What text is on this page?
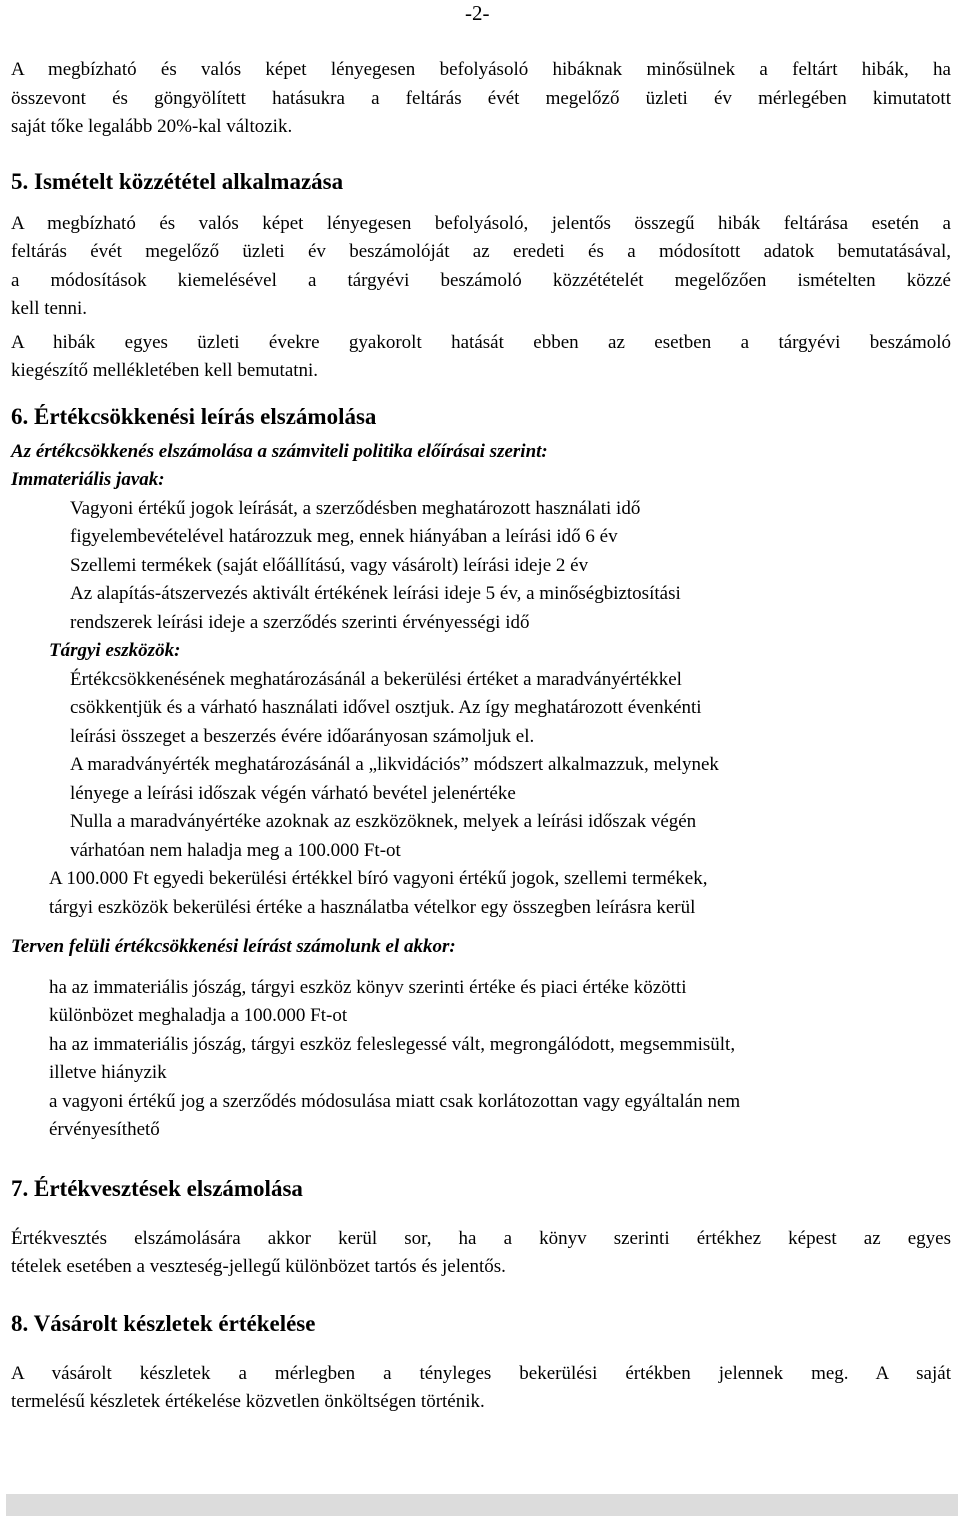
-2-

A megbízható és valós képet lényegesen befolyásoló hibáknak minősülnek a feltárt hibák, ha

összevont és göngyölített hatásukra a feltárás évét megelőző üzleti év mérlegében kimutatott

saját tőke legalább 20%-kal változik.

5. Ismételt közzététel alkalmazása

A megbízható és valós képet lényegesen befolyásoló, jelentős összegű hibák feltárása esetén a

feltárás évét megelőző üzleti év beszámolóját az eredeti és a módosított adatok bemutatásával,

a módosítások kiemelésével a tárgyévi beszámoló közzétételét megelőzően ismételten közzé

kell tenni.

A hibák egyes üzleti évekre gyakorolt hatását ebben az esetben a tárgyévi beszámoló

kiegészítő mellékletében kell bemutatni.

6. Értékcsökkenési leírás elszámolása

Az értékcsökkenés elszámolása a számviteli politika előírásai szerint:

Immateriális javak:

Vagyoni értékű jogok leírását, a szerződésben meghatározott használati idő

figyelembevételével határozzuk meg, ennek hiányában a leírási idő 6 év

Szellemi termékek (saját előállítású, vagy vásárolt) leírási ideje 2 év

Az alapítás-átszervezés aktivált értékének leírási ideje 5 év, a minőségbiztosítási

rendszerek leírási ideje a szerződés szerinti érvényességi idő

Tárgyi eszközök:

Értékcsökkenésének meghatározásánál a bekerülési értéket a maradványértékkel

csökkentjük és a várható használati idővel osztjuk. Az így meghatározott évenkénti

leírási összeget a beszerzés évére időarányosan számoljuk el.

A maradványérték meghatározásánál a „likvidációs” módszert alkalmazzuk, melynek

lényege a leírási időszak végén várható bevétel jelenértéke

Nulla a maradványértéke azoknak az eszközöknek, melyek a leírási időszak végén

várhatóan nem haladja meg a 100.000 Ft-ot

A 100.000 Ft egyedi bekerülési értékkel bíró vagyoni értékű jogok, szellemi termékek,

tárgyi eszközök bekerülési értéke a használatba vételkor egy összegben leírásra kerül

Terven felüli értékcsökkenési leírást számolunk el akkor:

ha az immateriális jószág, tárgyi eszköz könyv szerinti értéke és piaci értéke közötti

különbözet meghaladja a 100.000 Ft-ot

ha az immateriális jószág, tárgyi eszköz feleslegessé vált, megrongálódott, megsemmisült,

illetve hiányzik

a vagyoni értékű jog a szerződés módosulása miatt csak korlátozottan vagy egyáltalán nem

érvényesíthető

7. Értékvesztések elszámolása

Értékvesztés elszámolására akkor kerül sor, ha a könyv szerinti értékhez képest az egyes

tételek esetében a veszteség-jellegű különbözet tartós és jelentős.

8. Vásárolt készletek értékelése

A vásárolt készletek a mérlegben a tényleges bekerülési értékben jelennek meg. A saját

termelésű készletek értékelése közvetlen önköltségen történik.
